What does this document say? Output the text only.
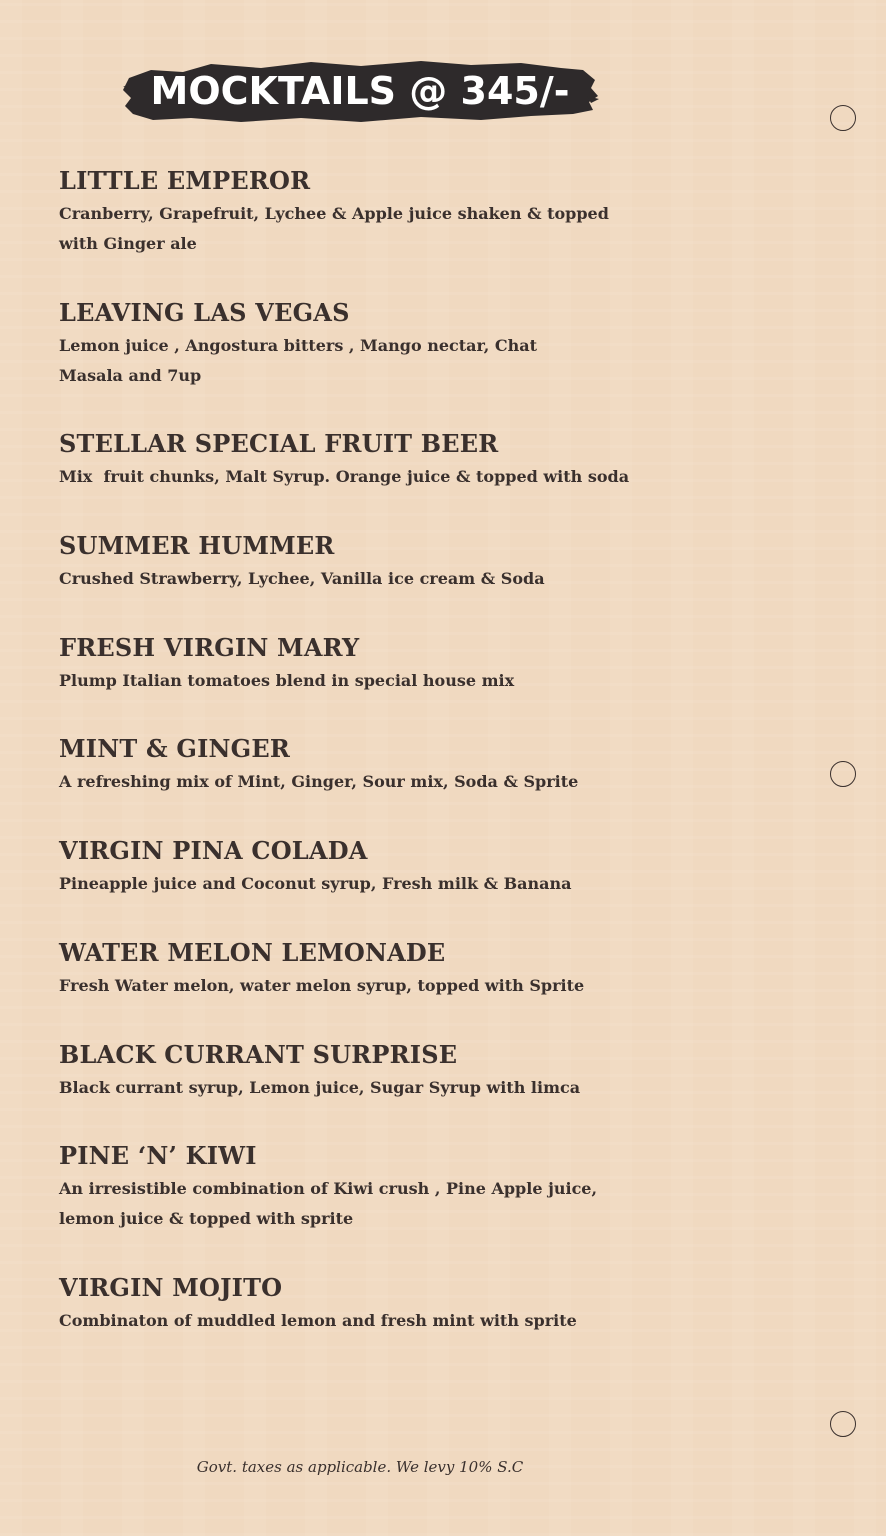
MOCKTAILS @ 345/-
LITTLE EMPEROR
Cranberry, Grapefruit, Lychee & Apple juice shaken & topped
with Ginger ale
LEAVING LAS VEGAS
Lemon juice , Angostura bitters , Mango nectar, Chat
Masala and 7up
STELLAR SPECIAL FRUIT BEER
Mix  fruit chunks, Malt Syrup. Orange juice & topped with soda
SUMMER HUMMER
Crushed Strawberry, Lychee, Vanilla ice cream & Soda
FRESH VIRGIN MARY
Plump Italian tomatoes blend in special house mix
MINT & GINGER
A refreshing mix of Mint, Ginger, Sour mix, Soda & Sprite
VIRGIN PINA COLADA
Pineapple juice and Coconut syrup, Fresh milk & Banana
WATER MELON LEMONADE
Fresh Water melon, water melon syrup, topped with Sprite
BLACK CURRANT SURPRISE
Black currant syrup, Lemon juice, Sugar Syrup with limca
PINE ‘N’ KIWI
An irresistible combination of Kiwi crush , Pine Apple juice,
lemon juice & topped with sprite
VIRGIN MOJITO
Combinaton of muddled lemon and fresh mint with sprite
Govt. taxes as applicable. We levy 10% S.C
